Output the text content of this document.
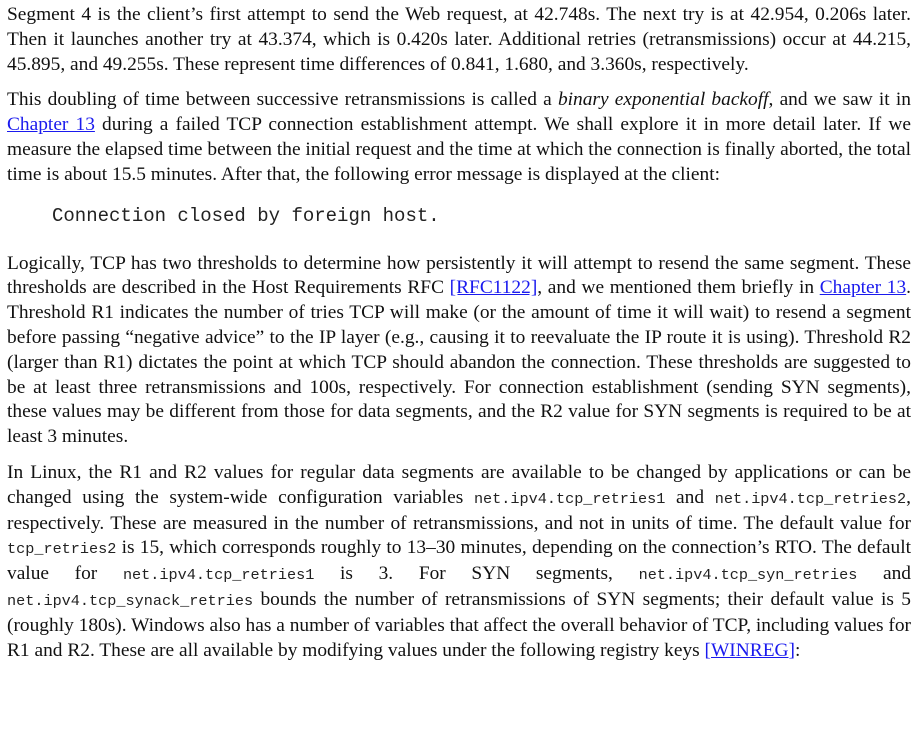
Segment 4 is the client’s first attempt to send the Web request, at 42.748s. The next try is at 42.954, 0.206s later. Then it launches another try at 43.374, which is 0.420s later. Additional retries (retransmissions) occur at 44.215, 45.895, and 49.255s. These represent time differences of 0.841, 1.680, and 3.360s, respectively.

This doubling of time between successive retransmissions is called a binary exponential backoff, and we saw it in Chapter 13 during a failed TCP connection establishment attempt. We shall explore it in more detail later. If we measure the elapsed time between the initial request and the time at which the connection is finally aborted, the total time is about 15.5 minutes. After that, the following error message is displayed at the client:

Connection closed by foreign host.

Logically, TCP has two thresholds to determine how persistently it will attempt to resend the same segment. These thresholds are described in the Host Requirements RFC [RFC1122], and we mentioned them briefly in Chapter 13. Threshold R1 indicates the number of tries TCP will make (or the amount of time it will wait) to resend a segment before passing “negative advice” to the IP layer (e.g., causing it to reevaluate the IP route it is using). Threshold R2 (larger than R1) dictates the point at which TCP should abandon the connection. These thresholds are suggested to be at least three retransmissions and 100s, respectively. For connection establishment (sending SYN segments), these values may be different from those for data segments, and the R2 value for SYN segments is required to be at least 3 minutes.

In Linux, the R1 and R2 values for regular data segments are available to be changed by applications or can be changed using the system-wide configuration variables net.ipv4.tcp_retries1 and net.ipv4.tcp_retries2, respectively. These are measured in the number of retransmissions, and not in units of time. The default value for tcp_retries2 is 15, which corresponds roughly to 13–30 minutes, depending on the connection’s RTO. The default value for net.ipv4.tcp_retries1 is 3. For SYN segments, net.ipv4.tcp_syn_retries and net.ipv4.tcp_synack_retries bounds the number of retransmissions of SYN segments; their default value is 5 (roughly 180s). Windows also has a number of variables that affect the overall behavior of TCP, including values for R1 and R2. These are all available by modifying values under the following registry keys [WINREG]:
